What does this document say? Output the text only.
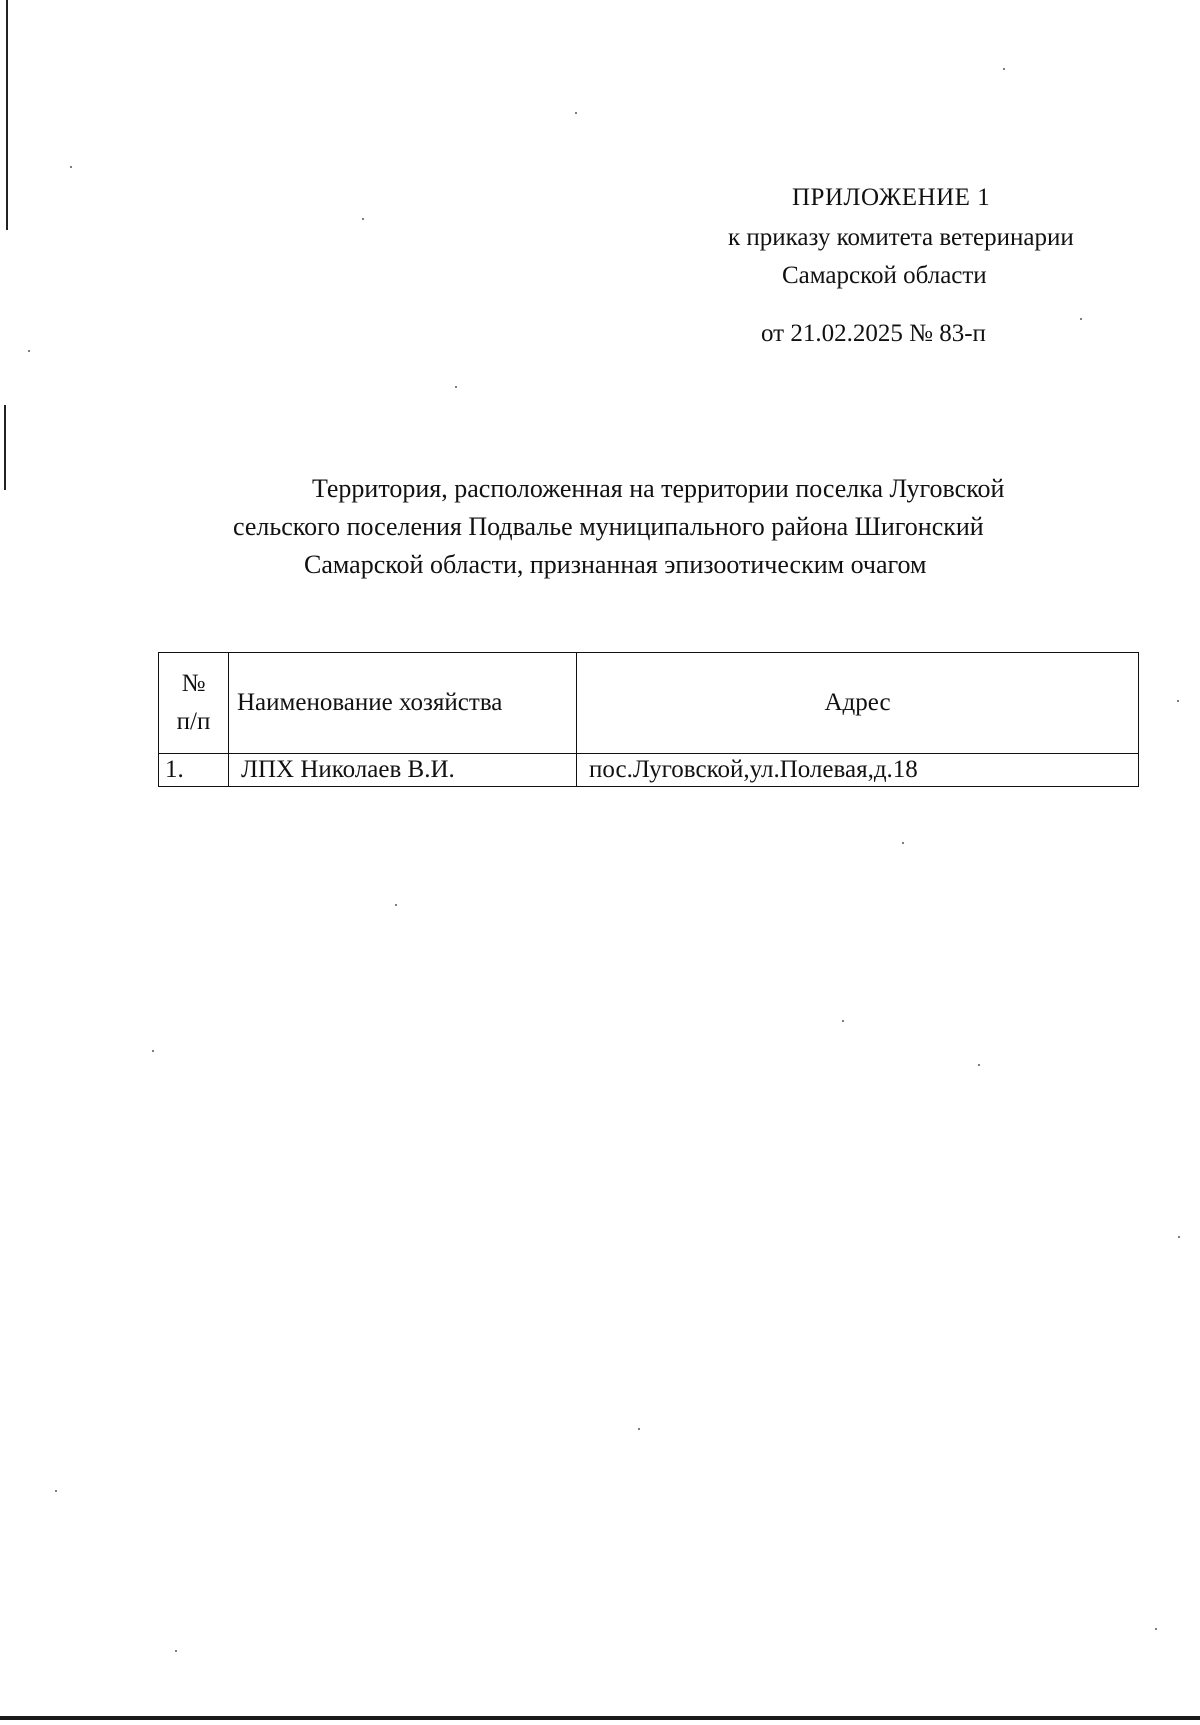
ПРИЛОЖЕНИЕ 1
к приказу комитета ветеринарии
Самарской области
от 21.02.2025 № 83-п
Территория, расположенная на территории поселка Луговской
сельского поселения Подвалье муниципального района Шигонский
Самарской области, признанная эпизоотическим очагом
№
п/п	Наименование хозяйства	Адрес
1.	ЛПХ Николаев В.И.	пос.Луговской,ул.Полевая,д.18
